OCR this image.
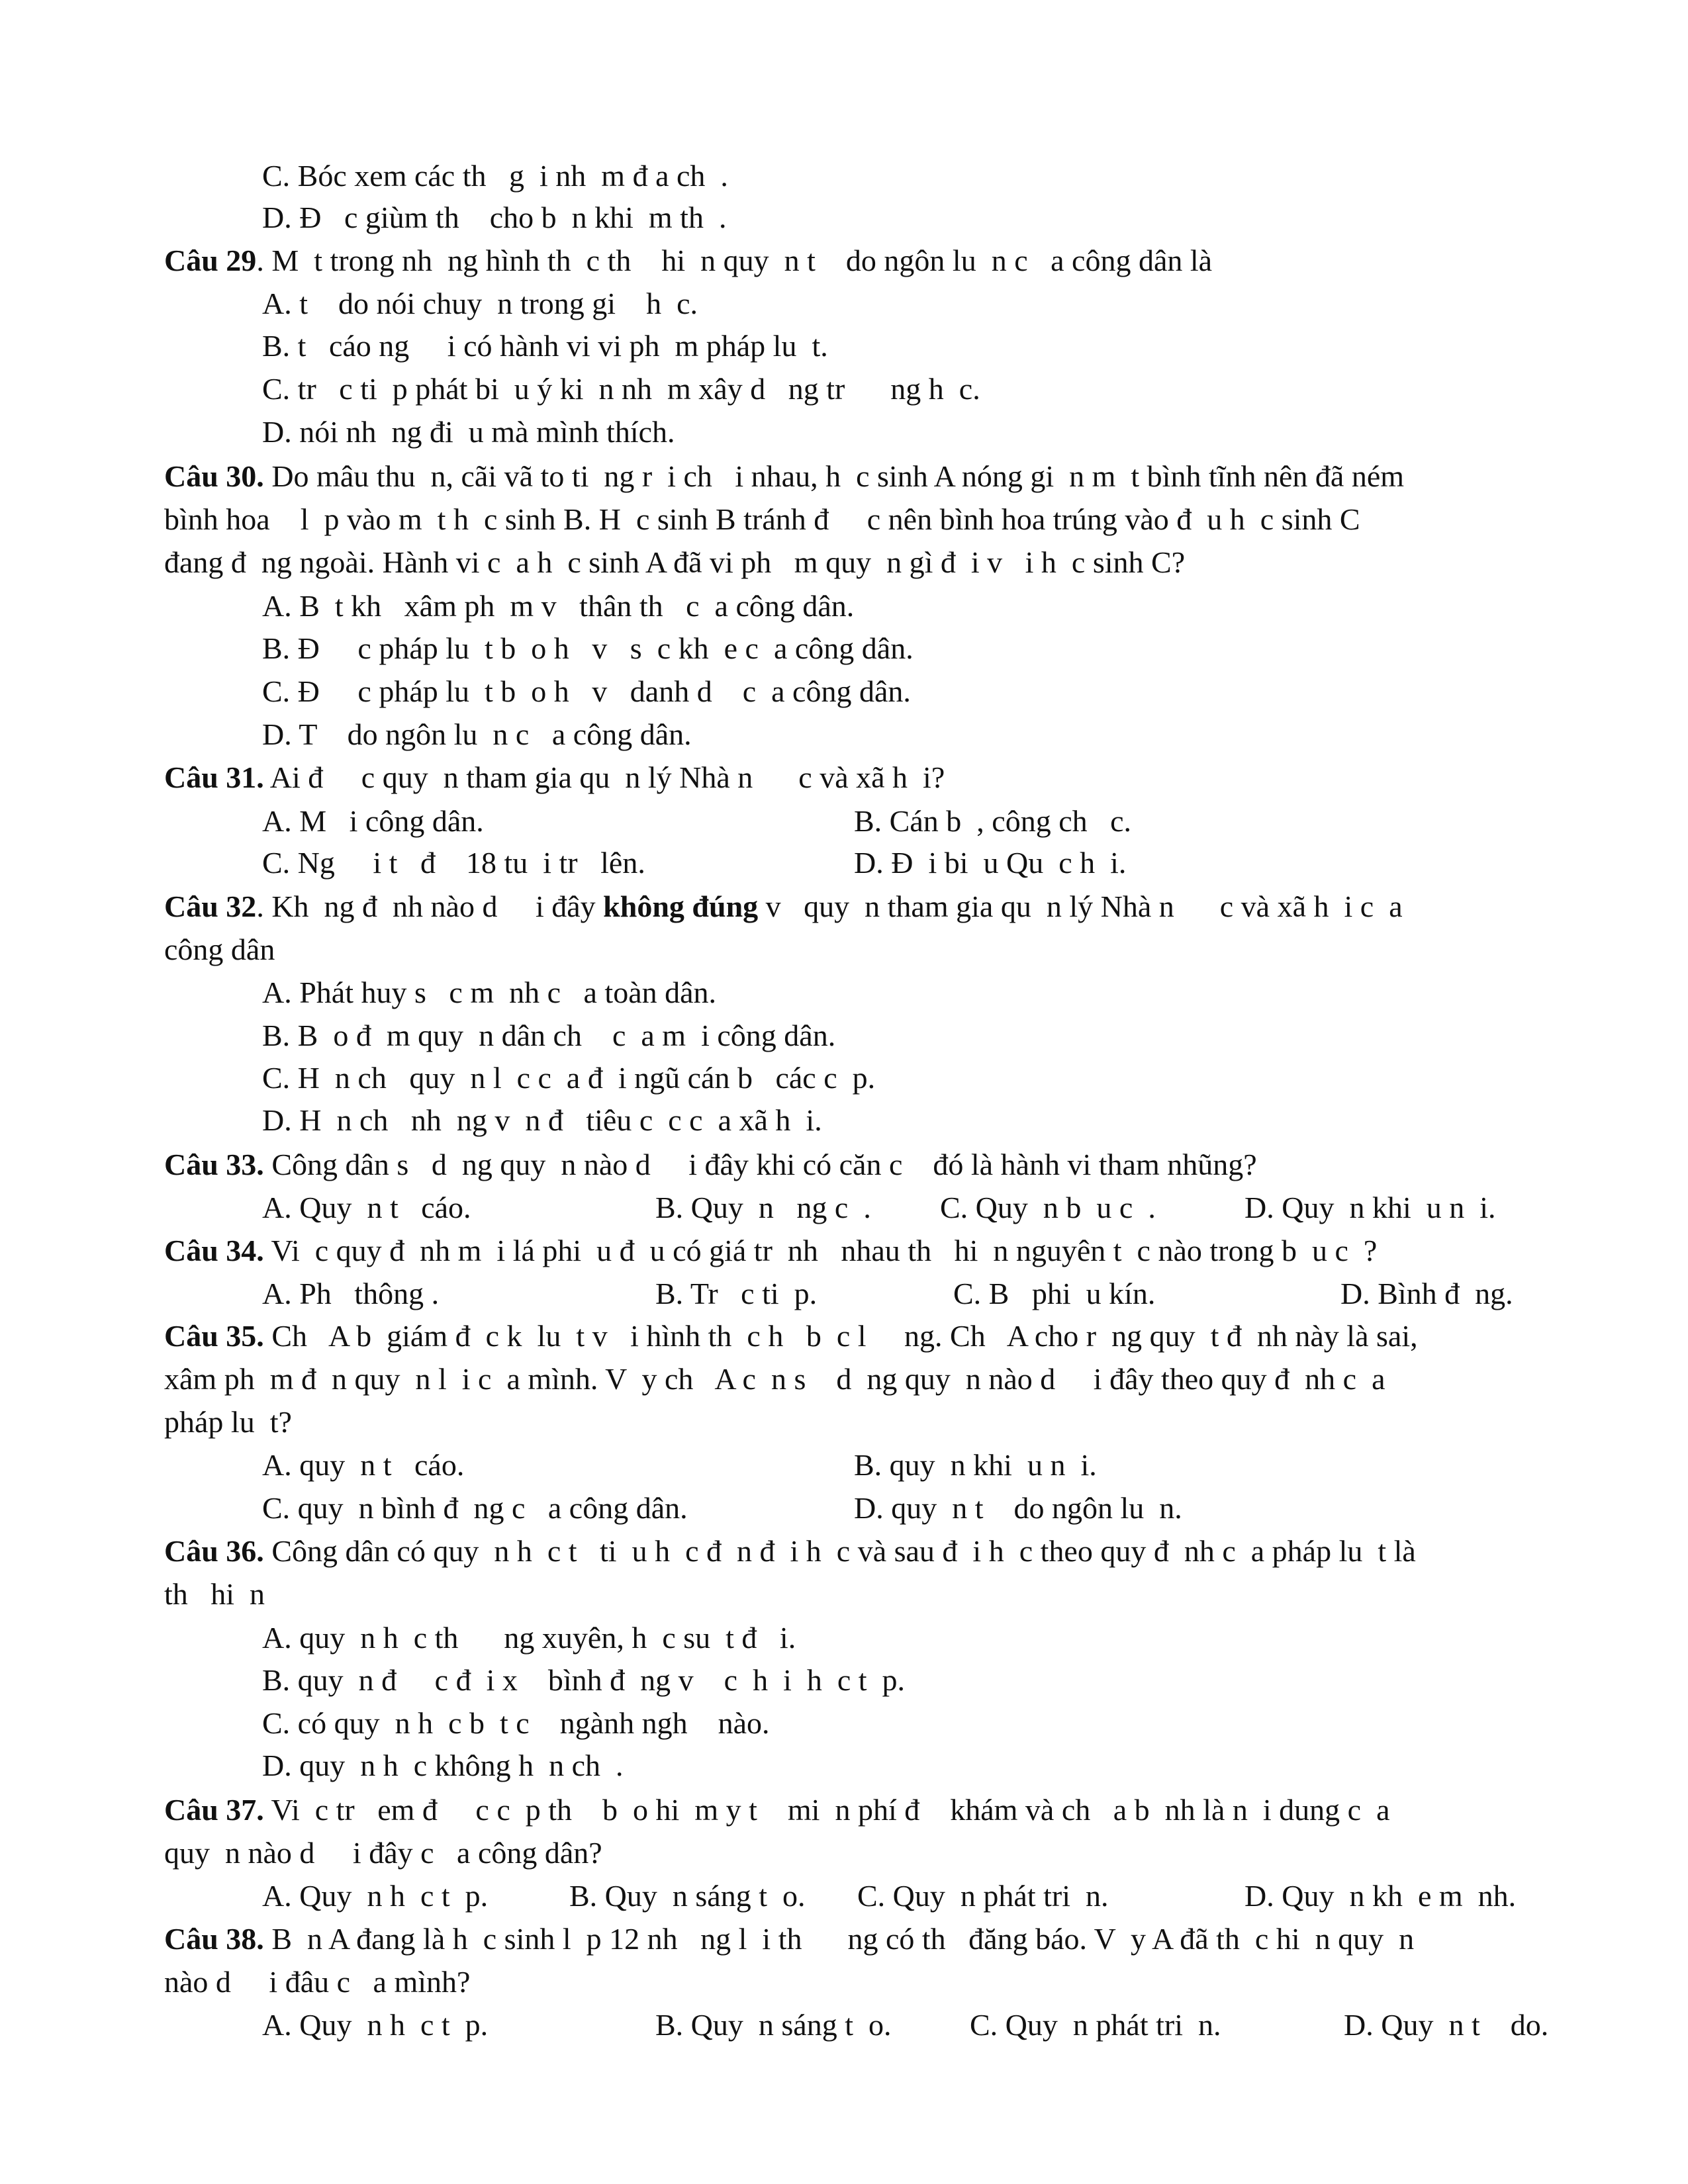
C. Bóc xem các th   g  i nh  m đ a ch  .
D. Đ   c giùm th    cho b  n khi  m th  .
Câu 29. M  t trong nh  ng hình th  c th    hi  n quy  n t    do ngôn lu  n c   a công dân là
A. t    do nói chuy  n trong gi    h  c.
B. t   cáo ng     i có hành vi vi ph  m pháp lu  t.
C. tr   c ti  p phát bi  u ý ki  n nh  m xây d   ng tr      ng h  c.
D. nói nh  ng đi  u mà mình thích.
Câu 30. Do mâu thu  n, cãi vã to ti  ng r  i ch   i nhau, h  c sinh A nóng gi  n m  t bình tĩnh nên đã ném
bình hoa    l  p vào m  t h  c sinh B. H  c sinh B tránh đ     c nên bình hoa trúng vào đ  u h  c sinh C
đang đ  ng ngoài. Hành vi c  a h  c sinh A đã vi ph   m quy  n gì đ  i v   i h  c sinh C?
A. B  t kh   xâm ph  m v   thân th   c  a công dân.
B. Đ     c pháp lu  t b  o h   v   s  c kh  e c  a công dân.
C. Đ     c pháp lu  t b  o h   v   danh d    c  a công dân.
D. T    do ngôn lu  n c   a công dân.
Câu 31. Ai đ     c quy  n tham gia qu  n lý Nhà n      c và xã h  i?
A. M   i công dân.	B. Cán b  , công ch   c.
C. Ng     i t   đ    18 tu  i tr   lên.	D. Đ  i bi  u Qu  c h  i.
Câu 32. Kh  ng đ  nh nào d     i đây không đúng v   quy  n tham gia qu  n lý Nhà n      c và xã h  i c  a
công dân
A. Phát huy s   c m  nh c   a toàn dân.
B. B  o đ  m quy  n dân ch    c  a m  i công dân.
C. H  n ch   quy  n l  c c  a đ  i ngũ cán b   các c  p.
D. H  n ch   nh  ng v  n đ   tiêu c  c c  a xã h  i.
Câu 33. Công dân s   d  ng quy  n nào d     i đây khi có căn c    đó là hành vi tham nhũng?
A. Quy  n t   cáo.	B. Quy  n   ng c  . C. Quy  n b  u c  .	D. Quy  n khi  u n  i.
Câu 34. Vi  c quy đ  nh m  i lá phi  u đ  u có giá tr  nh   nhau th   hi  n nguyên t  c nào trong b  u c  ?
A. Ph   thông .	B. Tr   c ti  p.	C. B   phi  u kín.	D. Bình đ  ng.
Câu 35. Ch   A b  giám đ  c k  lu  t v   i hình th  c h   b  c l     ng. Ch   A cho r  ng quy  t đ  nh này là sai,
xâm ph  m đ  n quy  n l  i c  a mình. V  y ch   A c  n s    d  ng quy  n nào d     i đây theo quy đ  nh c  a
pháp lu  t?
A. quy  n t   cáo.	B. quy  n khi  u n  i.
C. quy  n bình đ  ng c   a công dân.	D. quy  n t    do ngôn lu  n.
Câu 36. Công dân có quy  n h  c t   ti  u h  c đ  n đ  i h  c và sau đ  i h  c theo quy đ  nh c  a pháp lu  t là
th   hi  n
A. quy  n h  c th      ng xuyên, h  c su  t đ   i.
B. quy  n đ     c đ  i x    bình đ  ng v    c  h  i  h  c t  p.
C. có quy  n h  c b  t c    ngành ngh    nào.
D. quy  n h  c không h  n ch  .
Câu 37. Vi  c tr   em đ     c c  p th    b  o hi  m y t    mi  n phí đ    khám và ch   a b  nh là n  i dung c  a
quy  n nào d     i đây c   a công dân?
A. Quy  n h  c t  p.	B. Quy  n sáng t  o. C. Quy  n phát tri  n.	D. Quy  n kh  e m  nh.
Câu 38. B  n A đang là h  c sinh l  p 12 nh   ng l  i th      ng có th   đăng báo. V  y A đã th  c hi  n quy  n
nào d     i đâu c   a mình?
A. Quy  n h  c t  p.	B. Quy  n sáng t  o.	C. Quy  n phát tri  n.	D. Quy  n t    do.
